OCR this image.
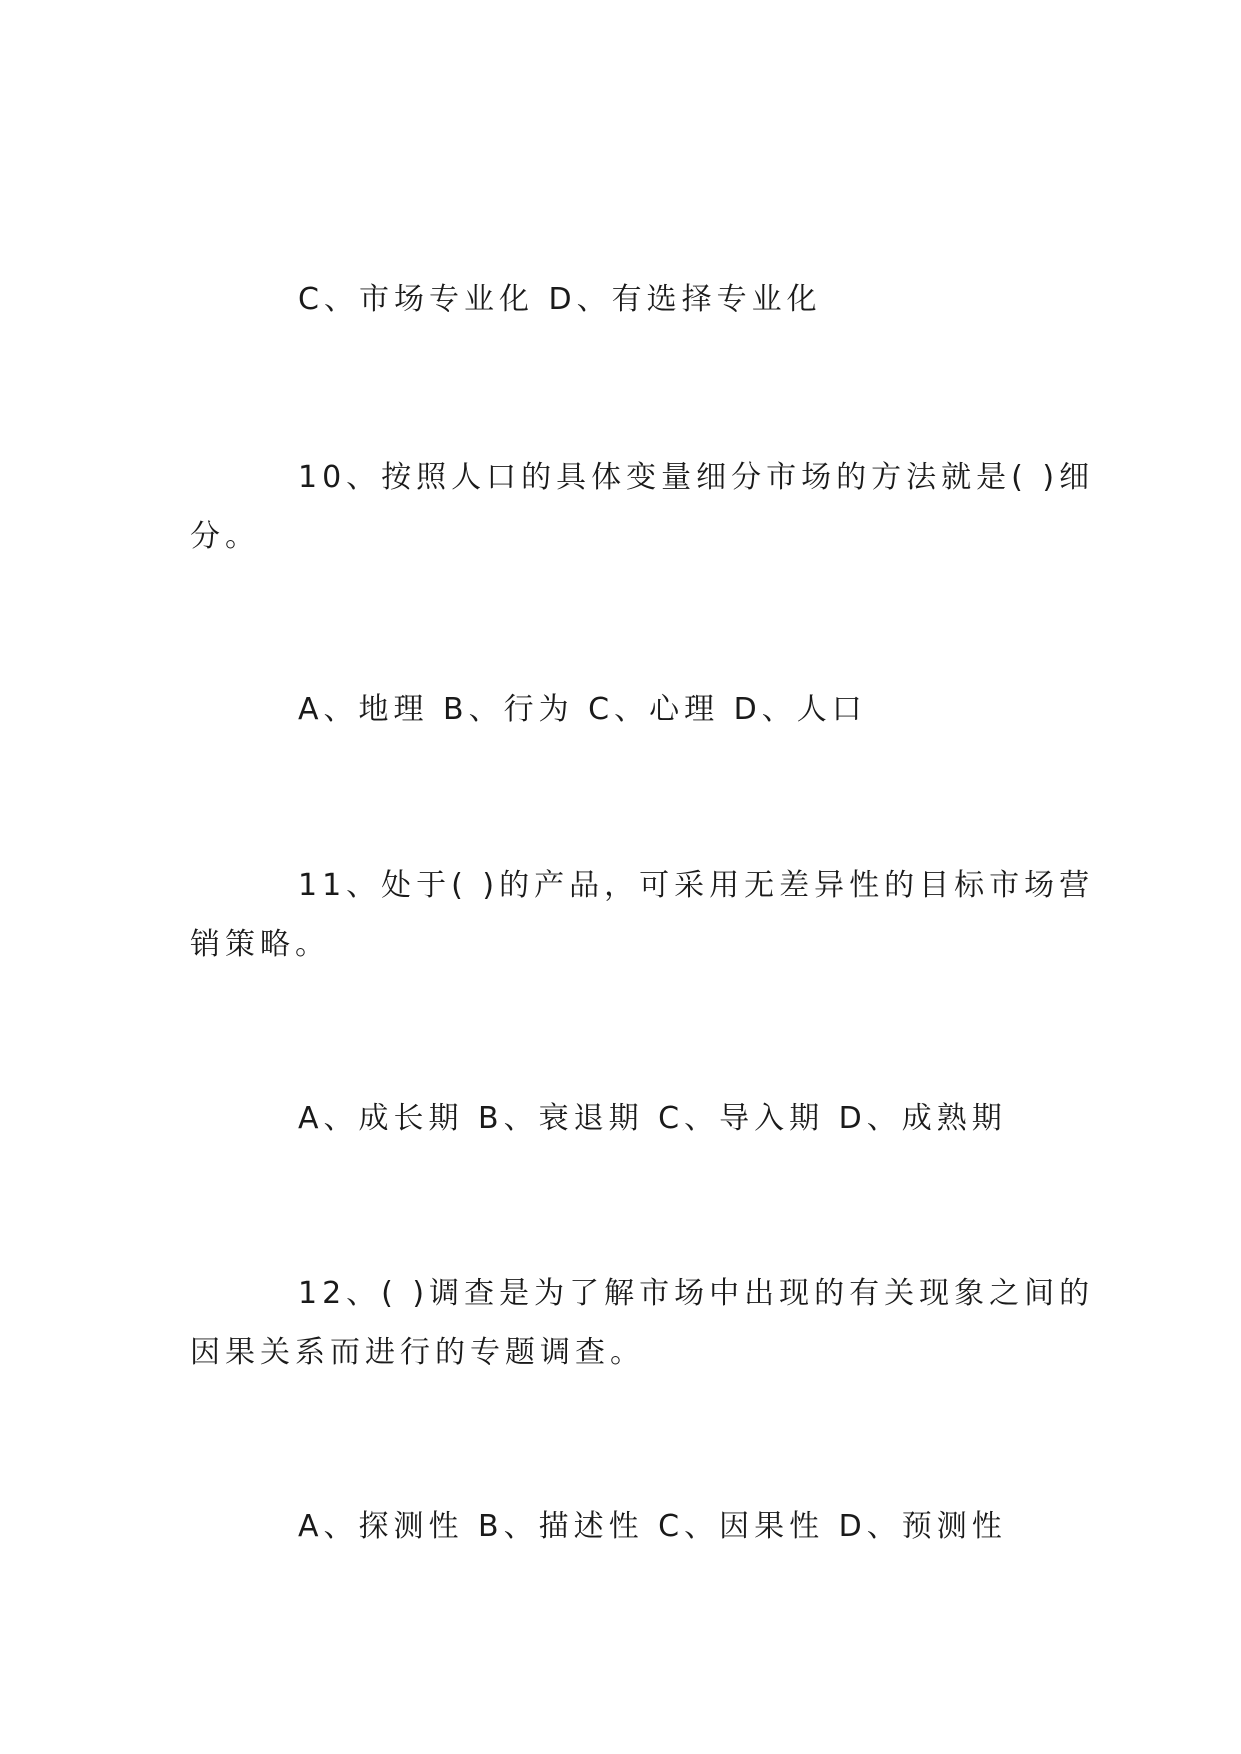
C、市场专业化 D、有选择专业化
10、按照人口的具体变量细分市场的方法就是( )细
分。
A、地理 B、行为 C、心理 D、人口
11、处于( )的产品，可采用无差异性的目标市场营
销策略。
A、成长期 B、衰退期 C、导入期 D、成熟期
12、( )调查是为了解市场中出现的有关现象之间的
因果关系而进行的专题调查。
A、探测性 B、描述性 C、因果性 D、预测性
